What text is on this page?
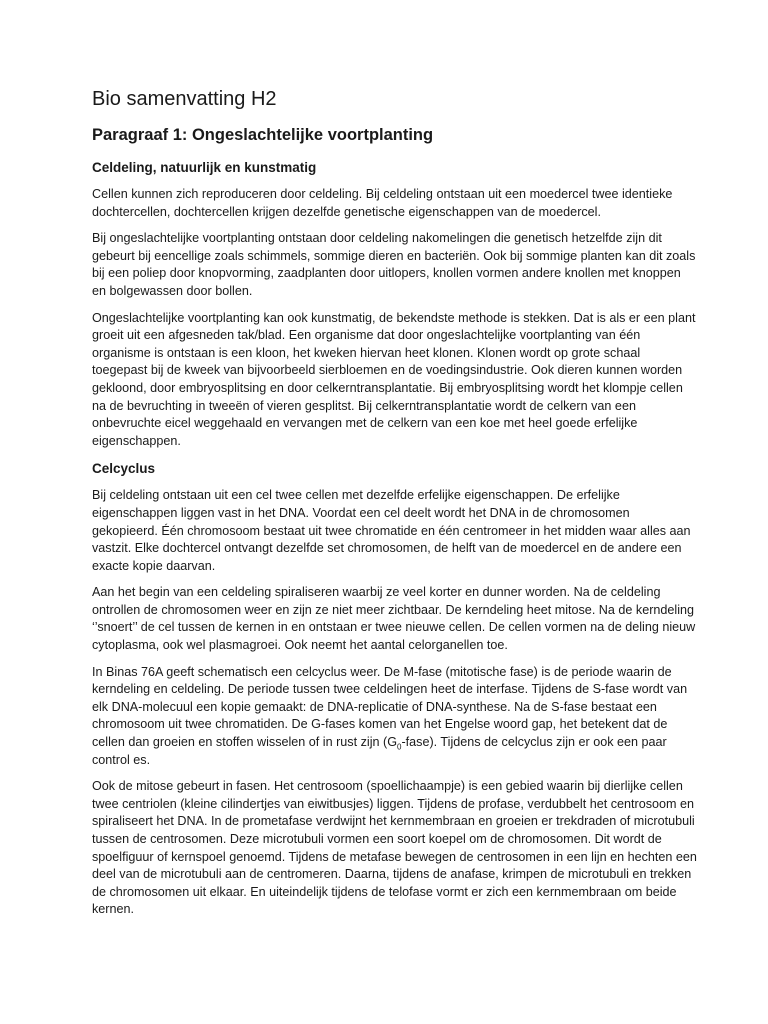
Bio samenvatting H2
Paragraaf 1: Ongeslachtelijke voortplanting
Celdeling, natuurlijk en kunstmatig

Cellen kunnen zich reproduceren door celdeling. Bij celdeling ontstaan uit een moedercel twee identieke dochtercellen, dochtercellen krijgen dezelfde genetische eigenschappen van de moedercel.

Bij ongeslachtelijke voortplanting ontstaan door celdeling nakomelingen die genetisch hetzelfde zijn dit gebeurt bij eencellige zoals schimmels, sommige dieren en bacteriën. Ook bij sommige planten kan dit zoals bij een poliep door knopvorming, zaadplanten door uitlopers, knollen vormen andere knollen met knoppen en bolgewassen door bollen.

Ongeslachtelijke voortplanting kan ook kunstmatig, de bekendste methode is stekken. Dat is als er een plant groeit uit een afgesneden tak/blad. Een organisme dat door ongeslachtelijke voortplanting van één organisme is ontstaan is een kloon, het kweken hiervan heet klonen. Klonen wordt op grote schaal toegepast bij de kweek van bijvoorbeeld sierbloemen en de voedingsindustrie. Ook dieren kunnen worden gekloond, door embryosplitsing en door celkerntransplantatie. Bij embryosplitsing wordt het klompje cellen na de bevruchting in tweeën of vieren gesplitst. Bij celkerntransplantatie wordt de celkern van een onbevruchte eicel weggehaald en vervangen met de celkern van een koe met heel goede erfelijke eigenschappen.

Celcyclus

Bij celdeling ontstaan uit een cel twee cellen met dezelfde erfelijke eigenschappen. De erfelijke eigenschappen liggen vast in het DNA. Voordat een cel deelt wordt het DNA in de chromosomen gekopieerd. Één chromosoom bestaat uit twee chromatide en één centromeer in het midden waar alles aan vastzit. Elke dochtercel ontvangt dezelfde set chromosomen, de helft van de moedercel en de andere een exacte kopie daarvan.

Aan het begin van een celdeling spiraliseren waarbij ze veel korter en dunner worden. Na de celdeling ontrollen de chromosomen weer en zijn ze niet meer zichtbaar. De kerndeling heet mitose. Na de kerndeling ‘’snoert’’ de cel tussen de kernen in en ontstaan er twee nieuwe cellen. De cellen vormen na de deling nieuw cytoplasma, ook wel plasmagroei. Ook neemt het aantal celorganellen toe.

In Binas 76A geeft schematisch een celcyclus weer. De M-fase (mitotische fase) is de periode waarin de kerndeling en celdeling. De periode tussen twee celdelingen heet de interfase. Tijdens de S-fase wordt van elk DNA-molecuul een kopie gemaakt: de DNA-replicatie of DNA-synthese. Na de S-fase bestaat een chromosoom uit twee chromatiden. De G-fases komen van het Engelse woord gap, het betekent dat de cellen dan groeien en stoffen wisselen of in rust zijn $(G_0-fase)$. Tijdens de celcyclus zijn er ook een paar control es.

Ook de mitose gebeurt in fasen. Het centrosoom (spoellichaampje) is een gebied waarin bij dierlijke cellen twee centriolen (kleine cilindertjes van eiwitbusjes) liggen. Tijdens de profase, verdubbelt het centrosoom en spiraliseert het DNA. In de prometafase verdwijnt het kernmembraan en groeien er trekdraden of microtubuli tussen de centrosomen. Deze microtubuli vormen een soort koepel om de chromosomen. Dit wordt de spoelfiguur of kernspoel genoemd. Tijdens de metafase bewegen de centrosomen in een lijn en hechten een deel van de microtubuli aan de centromeren. Daarna, tijdens de anafase, krimpen de microtubuli en trekken de chromosomen uit elkaar. En uiteindelijk tijdens de telofase vormt er zich een kernmembraan om beide kernen.
